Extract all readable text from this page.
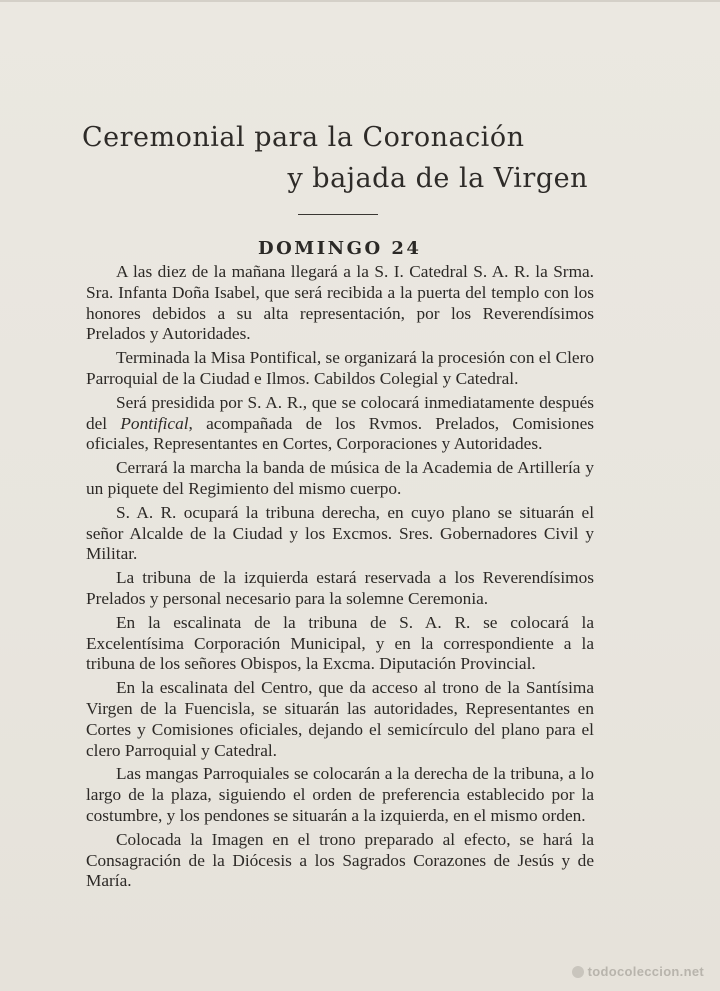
Ceremonial para la Coronación
y bajada de la Virgen
DOMINGO 24

A las diez de la mañana llegará a la S. I. Catedral S. A. R. la Srma. Sra. Infanta Doña Isabel, que será recibida a la puerta del templo con los honores debidos a su alta representación, por los Reverendísimos Prelados y Autoridades.

Terminada la Misa Pontifical, se organizará la procesión con el Clero Parroquial de la Ciudad e Ilmos. Cabildos Colegial y Catedral.

Será presidida por S. A. R., que se colocará inmediatamente después del Pontifical, acompañada de los Rvmos. Prelados, Comisiones oficiales, Representantes en Cortes, Corporaciones y Autoridades.

Cerrará la marcha la banda de música de la Academia de Artillería y un piquete del Regimiento del mismo cuerpo.

S. A. R. ocupará la tribuna derecha, en cuyo plano se situarán el señor Alcalde de la Ciudad y los Excmos. Sres. Gobernadores Civil y Militar.

La tribuna de la izquierda estará reservada a los Reverendísimos Prelados y personal necesario para la solemne Ceremonia.

En la escalinata de la tribuna de S. A. R. se colocará la Excelentísima Corporación Municipal, y en la correspondiente a la tribuna de los señores Obispos, la Excma. Diputación Provincial.

En la escalinata del Centro, que da acceso al trono de la Santísima Virgen de la Fuencisla, se situarán las autoridades, Representantes en Cortes y Comisiones oficiales, dejando el semicírculo del plano para el clero Parroquial y Catedral.

Las mangas Parroquiales se colocarán a la derecha de la tribuna, a lo largo de la plaza, siguiendo el orden de preferencia establecido por la costumbre, y los pendones se situarán a la izquierda, en el mismo orden.

Colocada la Imagen en el trono preparado al efecto, se hará la Consagración de la Diócesis a los Sagrados Corazones de Jesús y de María.

todocoleccion.net
